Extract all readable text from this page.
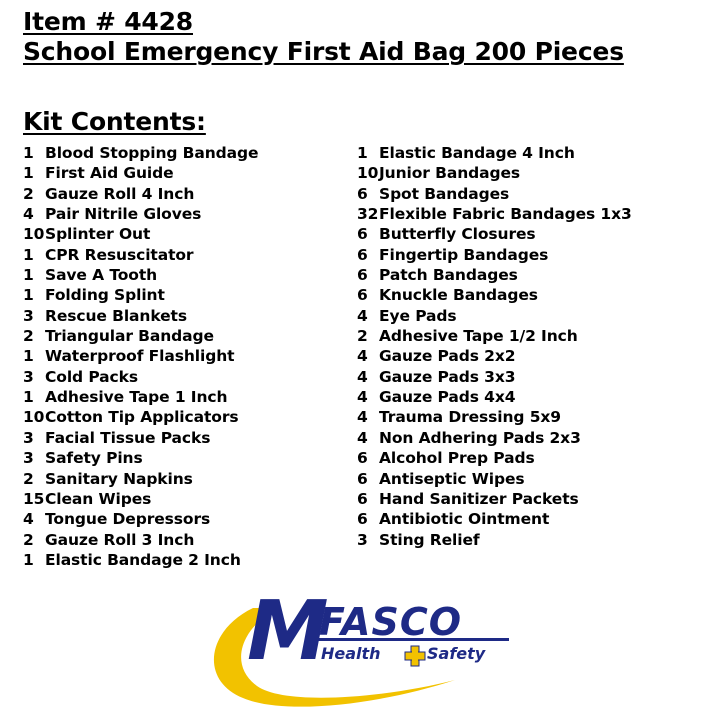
Item # 4428
School Emergency First Aid Bag 200 Pieces
Kit Contents:
1 Blood Stopping Bandage
1 First Aid Guide
2 Gauze Roll 4 Inch
4 Pair Nitrile Gloves
10 Splinter Out
1 CPR Resuscitator
1 Save A Tooth
1 Folding Splint
3 Rescue Blankets
2 Triangular Bandage
1 Waterproof Flashlight
3 Cold Packs
1 Adhesive Tape 1 Inch
10 Cotton Tip Applicators
3 Facial Tissue Packs
3 Safety Pins
2 Sanitary Napkins
15 Clean Wipes
4 Tongue Depressors
2 Gauze Roll 3 Inch
1 Elastic Bandage 2 Inch
1 Elastic Bandage 4 Inch
10 Junior Bandages
6 Spot Bandages
32 Flexible Fabric Bandages 1x3
6 Butterfly Closures
6 Fingertip Bandages
6 Patch Bandages
6 Knuckle Bandages
4 Eye Pads
2 Adhesive Tape 1/2 Inch
4 Gauze Pads 2x2
4 Gauze Pads 3x3
4 Gauze Pads 4x4
4 Trauma Dressing 5x9
4 Non Adhering Pads 2x3
6 Alcohol Prep Pads
6 Antiseptic Wipes
6 Hand Sanitizer Packets
6 Antibiotic Ointment
3 Sting Relief
M
FASCO
Health	Safety
